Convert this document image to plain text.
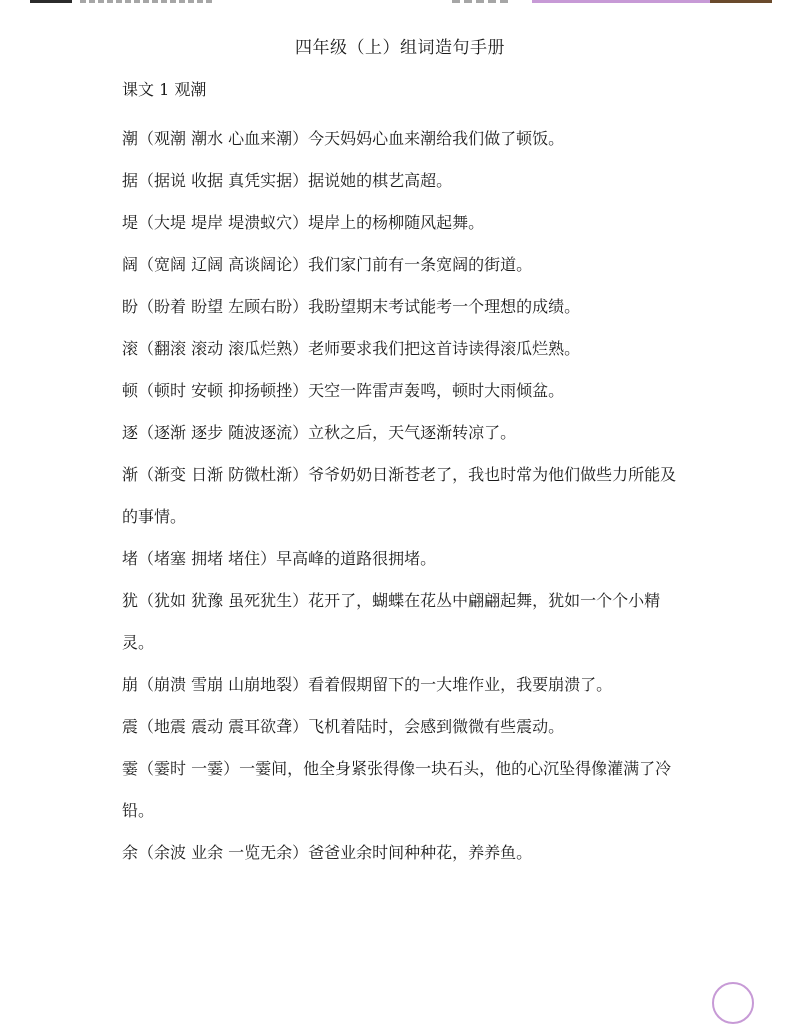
四年级（上）组词造句手册
课文 1 观潮
潮（观潮 潮水 心血来潮）今天妈妈心血来潮给我们做了顿饭。
据（据说 收据 真凭实据）据说她的棋艺高超。
堤（大堤 堤岸 堤溃蚁穴）堤岸上的杨柳随风起舞。
阔（宽阔 辽阔 高谈阔论）我们家门前有一条宽阔的街道。
盼（盼着 盼望 左顾右盼）我盼望期末考试能考一个理想的成绩。
滚（翻滚 滚动 滚瓜烂熟）老师要求我们把这首诗读得滚瓜烂熟。
顿（顿时 安顿 抑扬顿挫）天空一阵雷声轰鸣，顿时大雨倾盆。
逐（逐渐 逐步 随波逐流）立秋之后，天气逐渐转凉了。
渐（渐变 日渐 防微杜渐）爷爷奶奶日渐苍老了，我也时常为他们做些力所能及的事情。
堵（堵塞 拥堵 堵住）早高峰的道路很拥堵。
犹（犹如 犹豫 虽死犹生）花开了，蝴蝶在花丛中翩翩起舞，犹如一个个小精灵。
崩（崩溃 雪崩 山崩地裂）看着假期留下的一大堆作业，我要崩溃了。
震（地震 震动 震耳欲聋）飞机着陆时，会感到微微有些震动。
霎（霎时 一霎）一霎间，他全身紧张得像一块石头，他的心沉坠得像灌满了冷铅。
余（余波 业余 一览无余）爸爸业余时间种种花，养养鱼。
